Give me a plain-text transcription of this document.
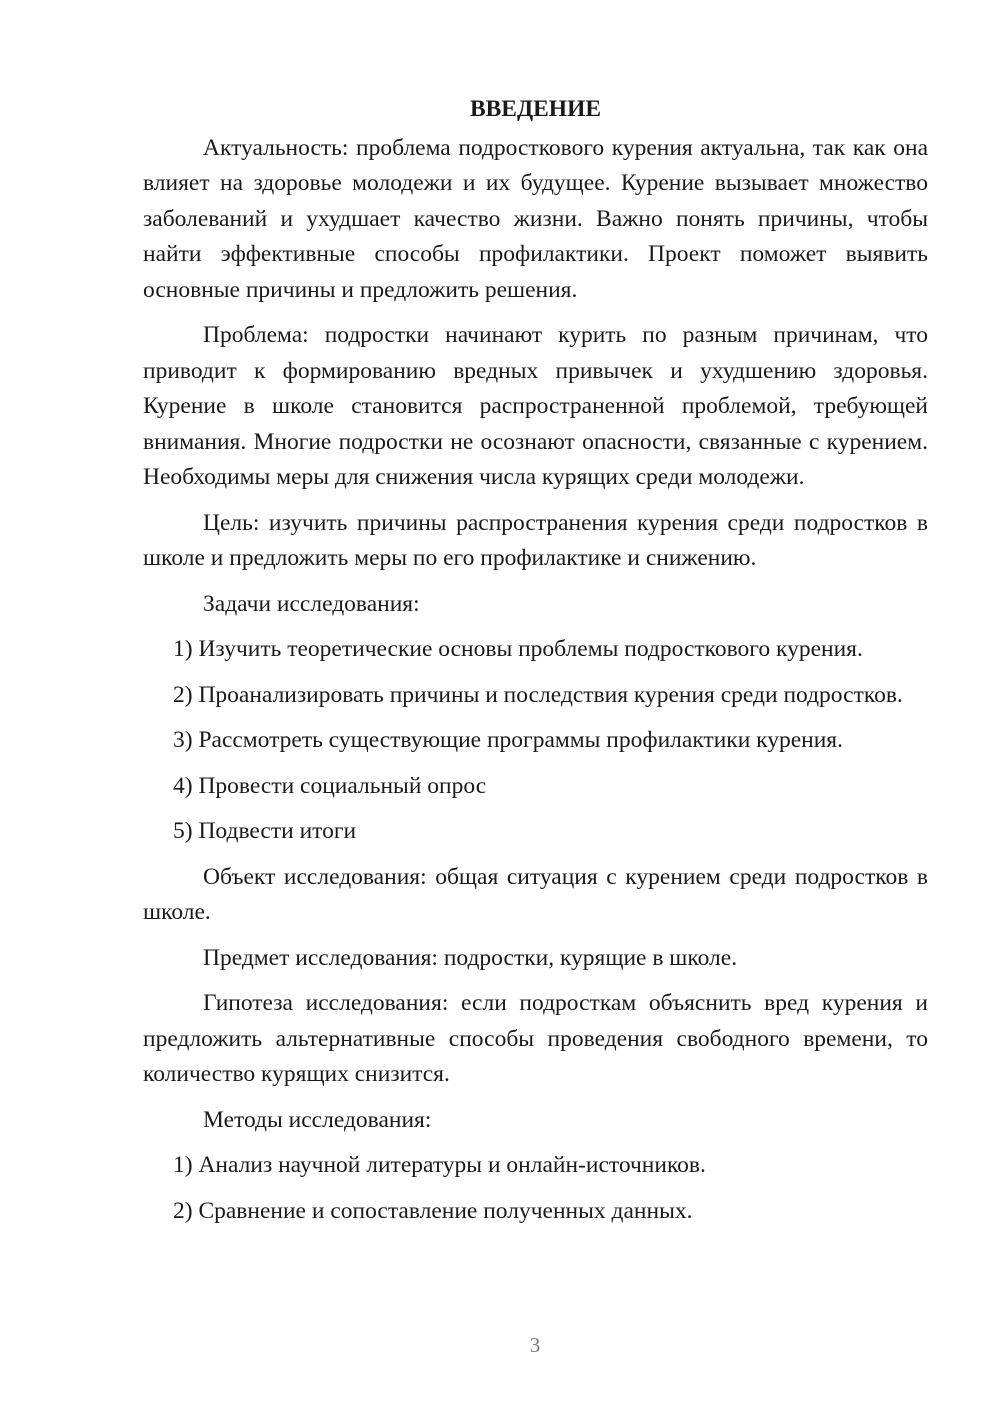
ВВЕДЕНИЕ

Актуальность: проблема подросткового курения актуальна, так как она влияет на здоровье молодежи и их будущее. Курение вызывает множество заболеваний и ухудшает качество жизни. Важно понять причины, чтобы найти эффективные способы профилактики. Проект поможет выявить основные причины и предложить решения.

Проблема: подростки начинают курить по разным причинам, что приводит к формированию вредных привычек и ухудшению здоровья. Курение в школе становится распространенной проблемой, требующей внимания. Многие подростки не осознают опасности, связанные с курением. Необходимы меры для снижения числа курящих среди молодежи.

Цель: изучить причины распространения курения среди подростков в школе и предложить меры по его профилактике и снижению.

Задачи исследования:

1) Изучить теоретические основы проблемы подросткового курения.

2) Проанализировать причины и последствия курения среди подростков.

3) Рассмотреть существующие программы профилактики курения.

4) Провести социальный опрос

5) Подвести итоги

Объект исследования: общая ситуация с курением среди подростков в школе.

Предмет исследования: подростки, курящие в школе.

Гипотеза исследования: если подросткам объяснить вред курения и предложить альтернативные способы проведения свободного времени, то количество курящих снизится.

Методы исследования:

1) Анализ научной литературы и онлайн-источников.

2) Сравнение и сопоставление полученных данных.

3
